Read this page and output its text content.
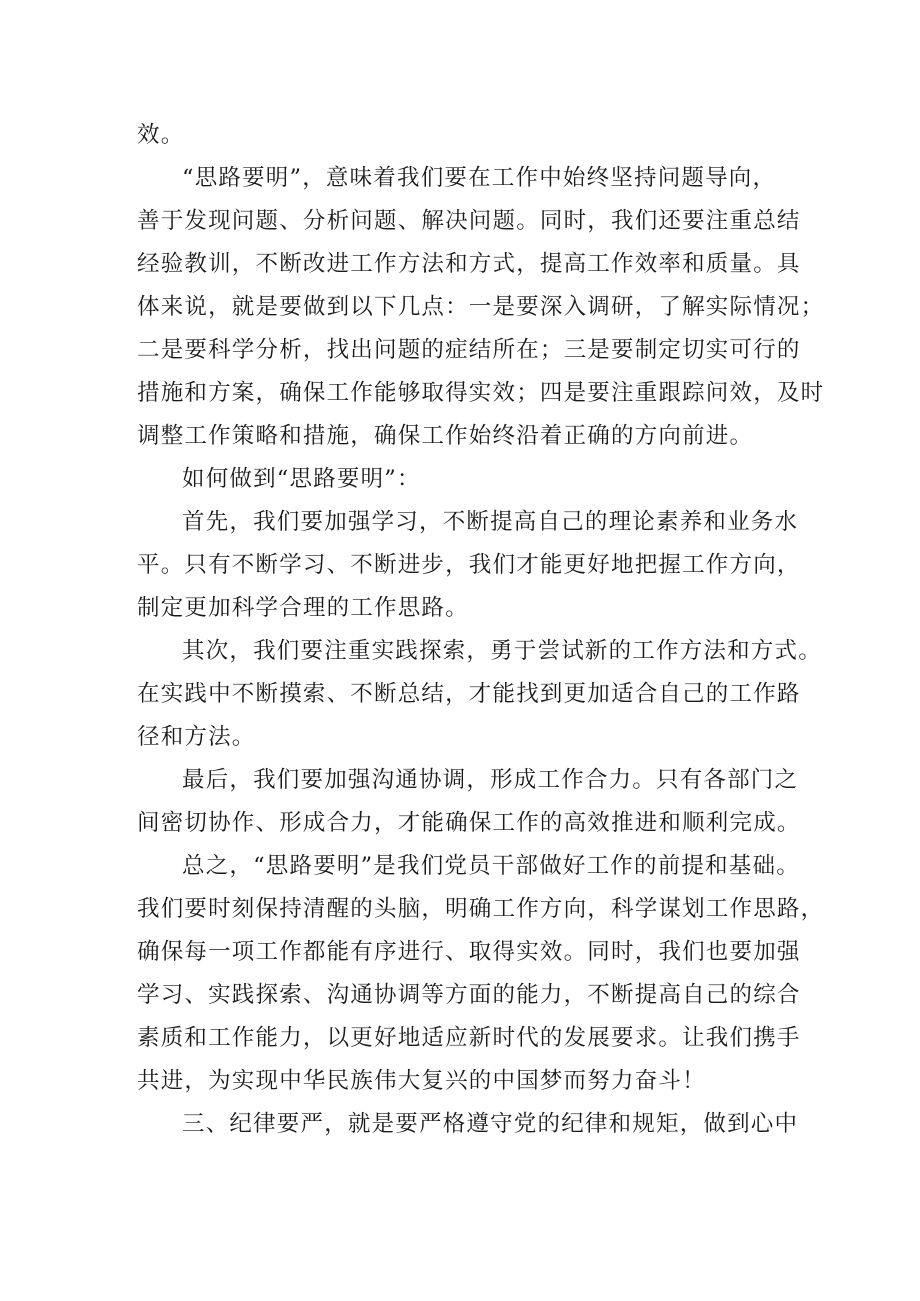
效。
“思路要明”，意味着我们要在工作中始终坚持问题导向，
善于发现问题、分析问题、解决问题。同时，我们还要注重总结
经验教训，不断改进工作方法和方式，提高工作效率和质量。具
体来说，就是要做到以下几点：一是要深入调研，了解实际情况；
二是要科学分析，找出问题的症结所在；三是要制定切实可行的
措施和方案，确保工作能够取得实效；四是要注重跟踪问效，及时
调整工作策略和措施，确保工作始终沿着正确的方向前进。
如何做到“思路要明”：
首先，我们要加强学习，不断提高自己的理论素养和业务水
平。只有不断学习、不断进步，我们才能更好地把握工作方向，
制定更加科学合理的工作思路。
其次，我们要注重实践探索，勇于尝试新的工作方法和方式。
在实践中不断摸索、不断总结，才能找到更加适合自己的工作路
径和方法。
最后，我们要加强沟通协调，形成工作合力。只有各部门之
间密切协作、形成合力，才能确保工作的高效推进和顺利完成。
总之，“思路要明”是我们党员干部做好工作的前提和基础。
我们要时刻保持清醒的头脑，明确工作方向，科学谋划工作思路，
确保每一项工作都能有序进行、取得实效。同时，我们也要加强
学习、实践探索、沟通协调等方面的能力，不断提高自己的综合
素质和工作能力，以更好地适应新时代的发展要求。让我们携手
共进，为实现中华民族伟大复兴的中国梦而努力奋斗！
三、纪律要严，就是要严格遵守党的纪律和规矩，做到心中
